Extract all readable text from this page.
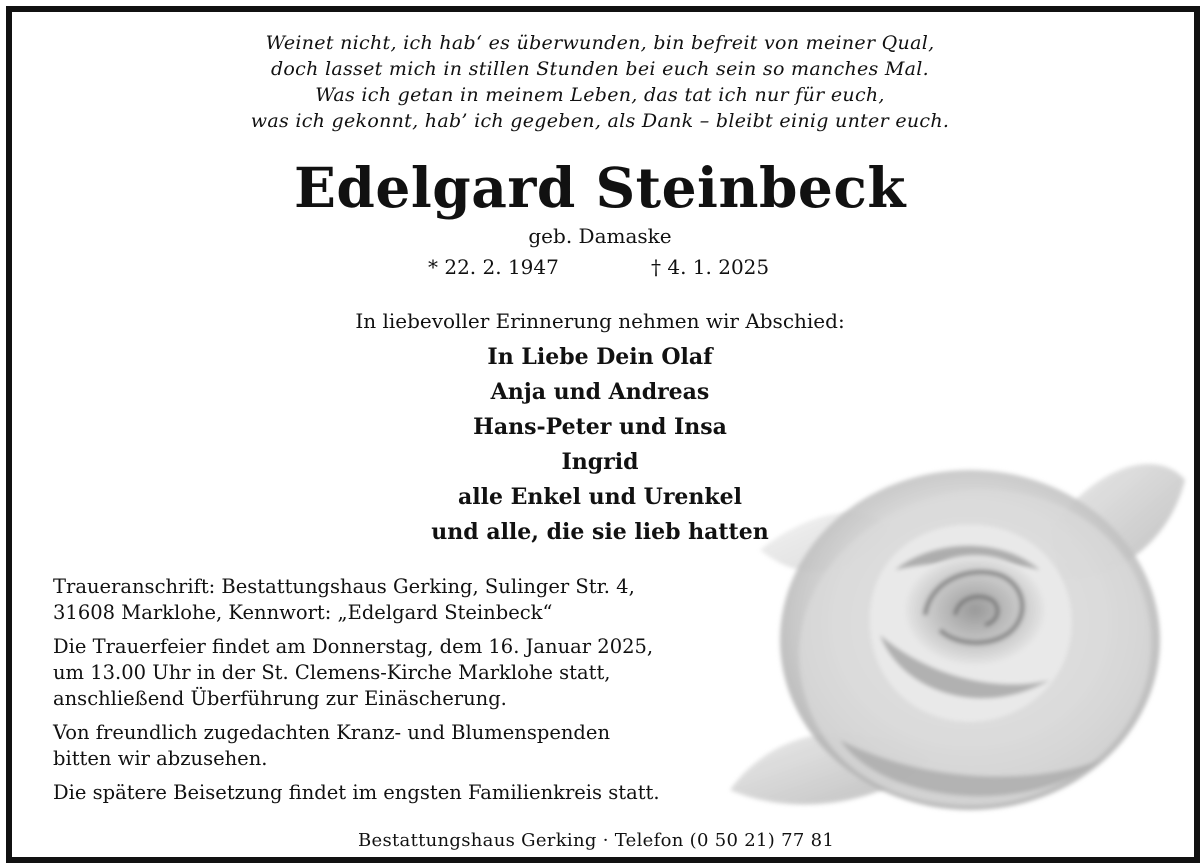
Weinet nicht, ich hab‘ es überwunden, bin befreit von meiner Qual,
doch lasset mich in stillen Stunden bei euch sein so manches Mal.
Was ich getan in meinem Leben, das tat ich nur für euch,
was ich gekonnt, hab’ ich gegeben, als Dank – bleibt einig unter euch.
Edelgard Steinbeck
geb. Damaske
* 22. 2. 1947	† 4. 1. 2025
In liebevoller Erinnerung nehmen wir Abschied:
In Liebe Dein Olaf
Anja und Andreas
Hans-Peter und Insa
Ingrid
alle Enkel und Urenkel
und alle, die sie lieb hatten

Traueranschrift: Bestattungshaus Gerking, Sulinger Str. 4,
31608 Marklohe, Kennwort: „Edelgard Steinbeck“

Die Trauerfeier findet am Donnerstag, dem 16. Januar 2025,
um 13.00 Uhr in der St. Clemens-Kirche Marklohe statt,
anschließend Überführung zur Einäscherung.

Von freundlich zugedachten Kranz- und Blumenspenden
bitten wir abzusehen.

Die spätere Beisetzung findet im engsten Familienkreis statt.

Bestattungshaus Gerking · Telefon (0 50 21) 77 81
